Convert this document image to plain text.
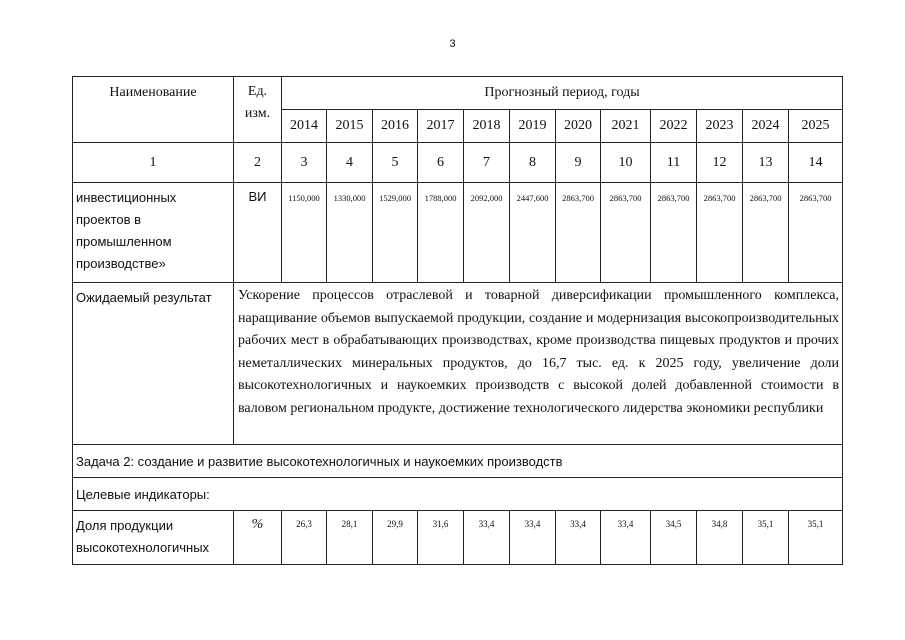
3
Наименование	Ед. изм.	Прогнозный период, годы											
		2014	2015	2016	2017	2018	2019	2020	2021	2022	2023	2024	2025
1	2	3	4	5	6	7	8	9	10	11	12	13	14
инвестиционных проектов в промышленном производстве»	ВИ	1150,000	1330,000	1529,000	1788,000	2092,000	2447,600	2863,700	2863,700	2863,700	2863,700	2863,700	2863,700
Ожидаемый результат	Ускорение процессов отраслевой и товарной диверсификации промышленного комплекса, наращивание объемов выпускаемой продукции, создание и модернизация высокопроизводительных рабочих мест в обрабатывающих производствах, кроме производства пищевых продуктов и прочих неметаллических минеральных продуктов, до 16,7 тыс. ед. к 2025 году, увеличение доли высокотехнологичных и наукоемких производств с высокой долей добавленной стоимости в валовом региональном продукте, достижение технологического лидерства экономики республики												
Задача 2: создание и развитие высокотехнологичных и наукоемких производств													
Целевые индикаторы:													
Доля продукции высокотехнологичных	%	26,3	28,1	29,9	31,6	33,4	33,4	33,4	33,4	34,5	34,8	35,1	35,1
